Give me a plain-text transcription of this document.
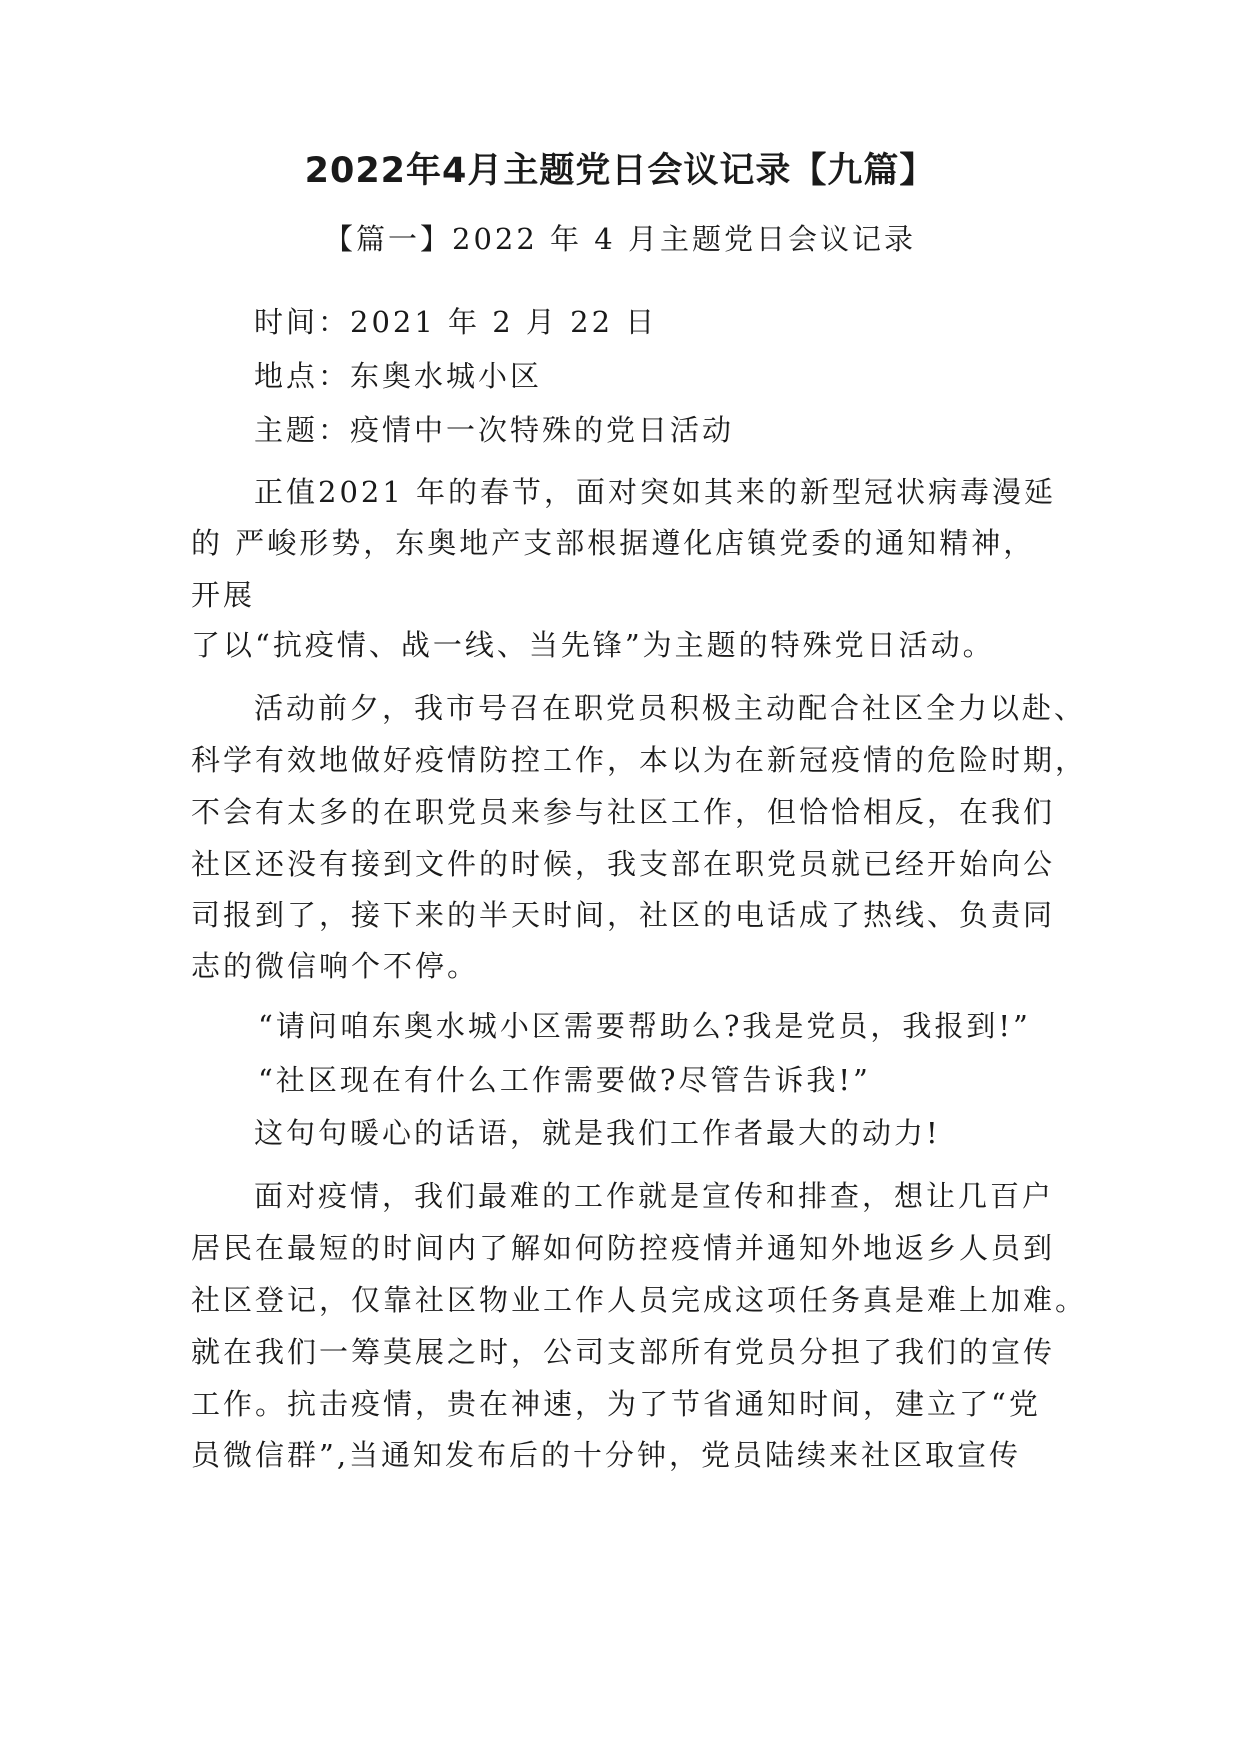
2022年4月主题党日会议记录【九篇】
【篇一】2022 年 4 月主题党日会议记录
时间：2021 年 2 月 22 日
地点：东奥水城小区
主题：疫情中一次特殊的党日活动
正值2021 年的春节，面对突如其来的新型冠状病毒漫延
的 严峻形势，东奥地产支部根据遵化店镇党委的通知精神，
开展
了以“抗疫情、战一线、当先锋”为主题的特殊党日活动。
活动前夕，我市号召在职党员积极主动配合社区全力以赴、
科学有效地做好疫情防控工作，本以为在新冠疫情的危险时期，
不会有太多的在职党员来参与社区工作，但恰恰相反，在我们
社区还没有接到文件的时候，我支部在职党员就已经开始向公
司报到了，接下来的半天时间，社区的电话成了热线、负责同
志的微信响个不停。
“请问咱东奥水城小区需要帮助么?我是党员，我报到!”
“社区现在有什么工作需要做?尽管告诉我!”
这句句暖心的话语，就是我们工作者最大的动力!
面对疫情，我们最难的工作就是宣传和排查，想让几百户
居民在最短的时间内了解如何防控疫情并通知外地返乡人员到
社区登记，仅靠社区物业工作人员完成这项任务真是难上加难。
就在我们一筹莫展之时，公司支部所有党员分担了我们的宣传
工作。抗击疫情，贵在神速，为了节省通知时间，建立了“党
员微信群”,当通知发布后的十分钟，党员陆续来社区取宣传
